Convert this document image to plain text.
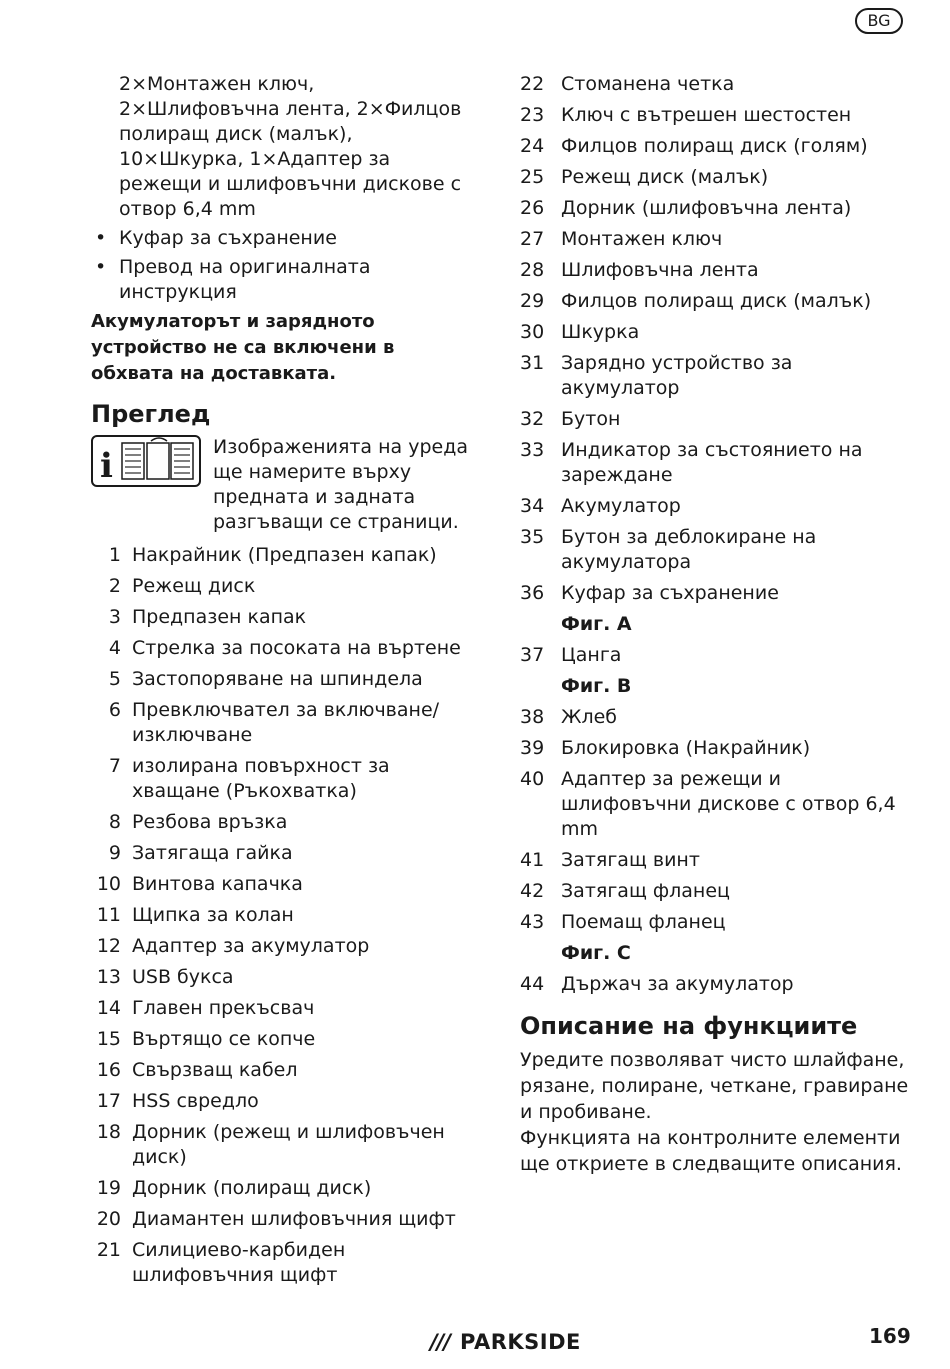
BG

2×Монтажен ключ, 2×Шлифовъчна лента, 2×Филцов полиращ диск (малък), 10×Шкурка, 1×Адаптер за режещи и шлифовъчни дискове с отвор 6,4 mm

• Куфар за съхранение
• Превод на оригиналната инструкция

Акумулаторът и зарядното устройство не са включени в обхвата на доставката.

Преглед
i	Изображенията на уреда ще намерите върху предната и задната разгъващи се страници.
1 Накрайник (Предпазен капак)
2 Режещ диск
3 Предпазен капак
4 Стрелка за посоката на въртене
5 Застопоряване на шпиндела
6 Превключвател за включване/изключване
7 изолирана повърхност за хващане (Ръкохватка)
8 Резбова връзка
9 Затягаща гайка
10 Винтова капачка
11 Щипка за колан
12 Адаптер за акумулатор
13 USB букса
14 Главен прекъсвач
15 Въртящо се копче
16 Свързващ кабел
17 HSS свредло
18 Дорник (режещ и шлифовъчен диск)
19 Дорник (полиращ диск)
20 Диамантен шлифовъчния щифт
21 Силициево-карбиден шлифовъчния щифт
22 Стоманена четка
23 Ключ с вътрешен шестостен
24 Филцов полиращ диск (голям)
25 Режещ диск (малък)
26 Дорник (шлифовъчна лента)
27 Монтажен ключ
28 Шлифовъчна лента
29 Филцов полиращ диск (малък)
30 Шкурка
31 Зарядно устройство за акумулатор
32 Бутон
33 Индикатор за състоянието на зареждане
34 Акумулатор
35 Бутон за деблокиране на акумулатора
36 Куфар за съхранение
Фиг. A
37 Цанга
Фиг. B
38 Жлеб
39 Блокировка (Накрайник)
40 Адаптер за режещи и шлифовъчни дискове с отвор 6,4 mm
41 Затягащ винт
42 Затягащ фланец
43 Поемащ фланец
Фиг. C
44 Държач за акумулатор
Описание на функциите

Уредите позволяват чисто шлайфане, рязане, полиране, четкане, гравиране и пробиване.

Функцията на контролните елементи ще откриете в следващите описания.

/// PARKSIDE	169
